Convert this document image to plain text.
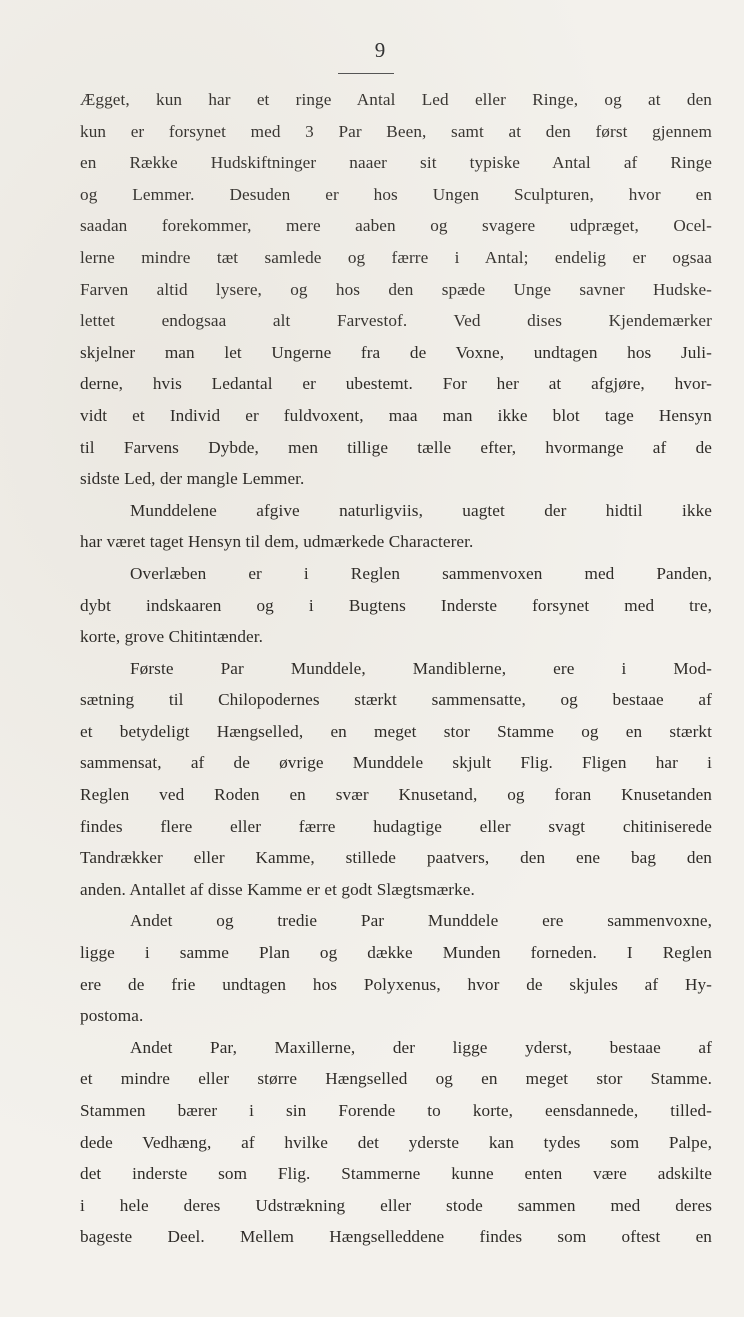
9
Ægget, kun har et ringe Antal Led eller Ringe, og at den
kun er forsynet med 3 Par Been, samt at den først gjennem
en Række Hudskiftninger naaer sit typiske Antal af Ringe
og Lemmer. Desuden er hos Ungen Sculpturen, hvor en
saadan forekommer, mere aaben og svagere udpræget, Ocel-
lerne mindre tæt samlede og færre i Antal; endelig er ogsaa
Farven altid lysere, og hos den spæde Unge savner Hudske-
lettet endogsaa alt Farvestof. Ved dises Kjendemærker
skjelner man let Ungerne fra de Voxne, undtagen hos Juli-
derne, hvis Ledantal er ubestemt. For her at afgjøre, hvor-
vidt et Individ er fuldvoxent, maa man ikke blot tage Hensyn
til Farvens Dybde, men tillige tælle efter, hvormange af de
sidste Led, der mangle Lemmer.
Munddelene afgive naturligviis, uagtet der hidtil ikke
har været taget Hensyn til dem, udmærkede Characterer.
Overlæben er i Reglen sammenvoxen med Panden,
dybt indskaaren og i Bugtens Inderste forsynet med tre,
korte, grove Chitintænder.
Første Par Munddele, Mandiblerne, ere i Mod-
sætning til Chilopodernes stærkt sammensatte, og bestaae af
et betydeligt Hængselled, en meget stor Stamme og en stærkt
sammensat, af de øvrige Munddele skjult Flig. Fligen har i
Reglen ved Roden en svær Knusetand, og foran Knusetanden
findes flere eller færre hudagtige eller svagt chitiniserede
Tandrækker eller Kamme, stillede paatvers, den ene bag den
anden. Antallet af disse Kamme er et godt Slægtsmærke.
Andet og tredie Par Munddele ere sammenvoxne,
ligge i samme Plan og dække Munden forneden. I Reglen
ere de frie undtagen hos Polyxenus, hvor de skjules af Hy-
postoma.
Andet Par, Maxillerne, der ligge yderst, bestaae af
et mindre eller større Hængselled og en meget stor Stamme.
Stammen bærer i sin Forende to korte, eensdannede, tilled-
dede Vedhæng, af hvilke det yderste kan tydes som Palpe,
det inderste som Flig. Stammerne kunne enten være adskilte
i hele deres Udstrækning eller stode sammen med deres
bageste Deel. Mellem Hængselleddene findes som oftest en
